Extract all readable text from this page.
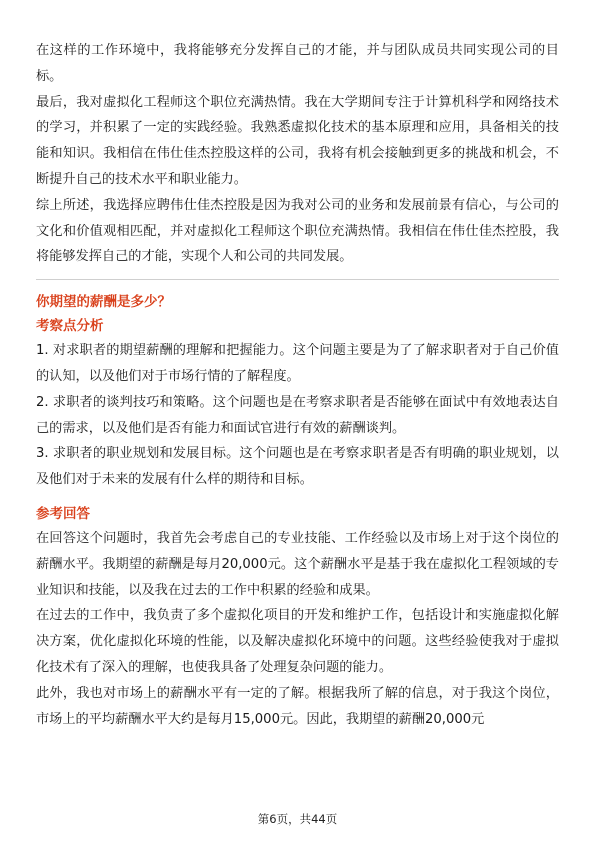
在这样的工作环境中，我将能够充分发挥自己的才能，并与团队成员共同实现公司的目标。

最后，我对虚拟化工程师这个职位充满热情。我在大学期间专注于计算机科学和网络技术的学习，并积累了一定的实践经验。我熟悉虚拟化技术的基本原理和应用，具备相关的技能和知识。我相信在伟仕佳杰控股这样的公司，我将有机会接触到更多的挑战和机会，不断提升自己的技术水平和职业能力。

综上所述，我选择应聘伟仕佳杰控股是因为我对公司的业务和发展前景有信心，与公司的文化和价值观相匹配，并对虚拟化工程师这个职位充满热情。我相信在伟仕佳杰控股，我将能够发挥自己的才能，实现个人和公司的共同发展。

你期望的薪酬是多少？

考察点分析

1. 对求职者的期望薪酬的理解和把握能力。这个问题主要是为了了解求职者对于自己价值的认知，以及他们对于市场行情的了解程度。

2. 求职者的谈判技巧和策略。这个问题也是在考察求职者是否能够在面试中有效地表达自己的需求，以及他们是否有能力和面试官进行有效的薪酬谈判。

3. 求职者的职业规划和发展目标。这个问题也是在考察求职者是否有明确的职业规划，以及他们对于未来的发展有什么样的期待和目标。

参考回答

在回答这个问题时，我首先会考虑自己的专业技能、工作经验以及市场上对于这个岗位的薪酬水平。我期望的薪酬是每月20,000元。这个薪酬水平是基于我在虚拟化工程领域的专业知识和技能，以及我在过去的工作中积累的经验和成果。

在过去的工作中，我负责了多个虚拟化项目的开发和维护工作，包括设计和实施虚拟化解决方案，优化虚拟化环境的性能，以及解决虚拟化环境中的问题。这些经验使我对于虚拟化技术有了深入的理解，也使我具备了处理复杂问题的能力。

此外，我也对市场上的薪酬水平有一定的了解。根据我所了解的信息，对于我这个岗位，市场上的平均薪酬水平大约是每月15,000元。因此，我期望的薪酬20,000元

第6页，共44页
